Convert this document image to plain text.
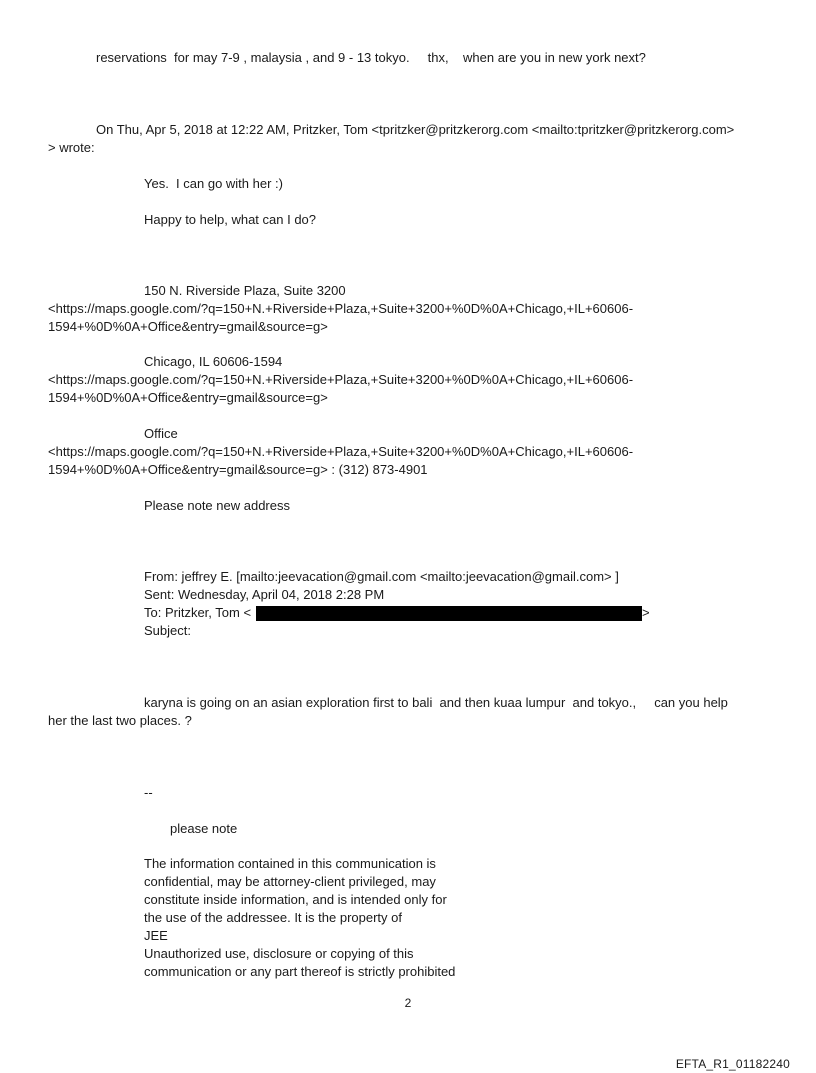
reservations  for may 7-9 , malaysia , and 9 - 13 tokyo.     thx,    when are you in new york next?
On Thu, Apr 5, 2018 at 12:22 AM, Pritzker, Tom <tpritzker@pritzkerorg.com <mailto:tpritzker@pritzkerorg.com>
> wrote:
Yes.  I can go with her :)
Happy to help, what can I do?
150 N. Riverside Plaza, Suite 3200
<https://maps.google.com/?q=150+N.+Riverside+Plaza,+Suite+3200+%0D%0A+Chicago,+IL+60606-
1594+%0D%0A+Office&entry=gmail&source=g>
Chicago, IL 60606-1594
<https://maps.google.com/?q=150+N.+Riverside+Plaza,+Suite+3200+%0D%0A+Chicago,+IL+60606-
1594+%0D%0A+Office&entry=gmail&source=g>
Office
<https://maps.google.com/?q=150+N.+Riverside+Plaza,+Suite+3200+%0D%0A+Chicago,+IL+60606-
1594+%0D%0A+Office&entry=gmail&source=g> : (312) 873-4901
Please note new address
From: jeffrey E. [mailto:jeevacation@gmail.com <mailto:jeevacation@gmail.com> ]
Sent: Wednesday, April 04, 2018 2:28 PM
To: Pritzker, Tom <	>
Subject:
karyna is going on an asian exploration first to bali  and then kuaa lumpur  and tokyo.,     can you help
her the last two places. ?
--
please note
The information contained in this communication is
confidential, may be attorney-client privileged, may
constitute inside information, and is intended only for
the use of the addressee. It is the property of
JEE
Unauthorized use, disclosure or copying of this
communication or any part thereof is strictly prohibited
2
EFTA_R1_01182240
